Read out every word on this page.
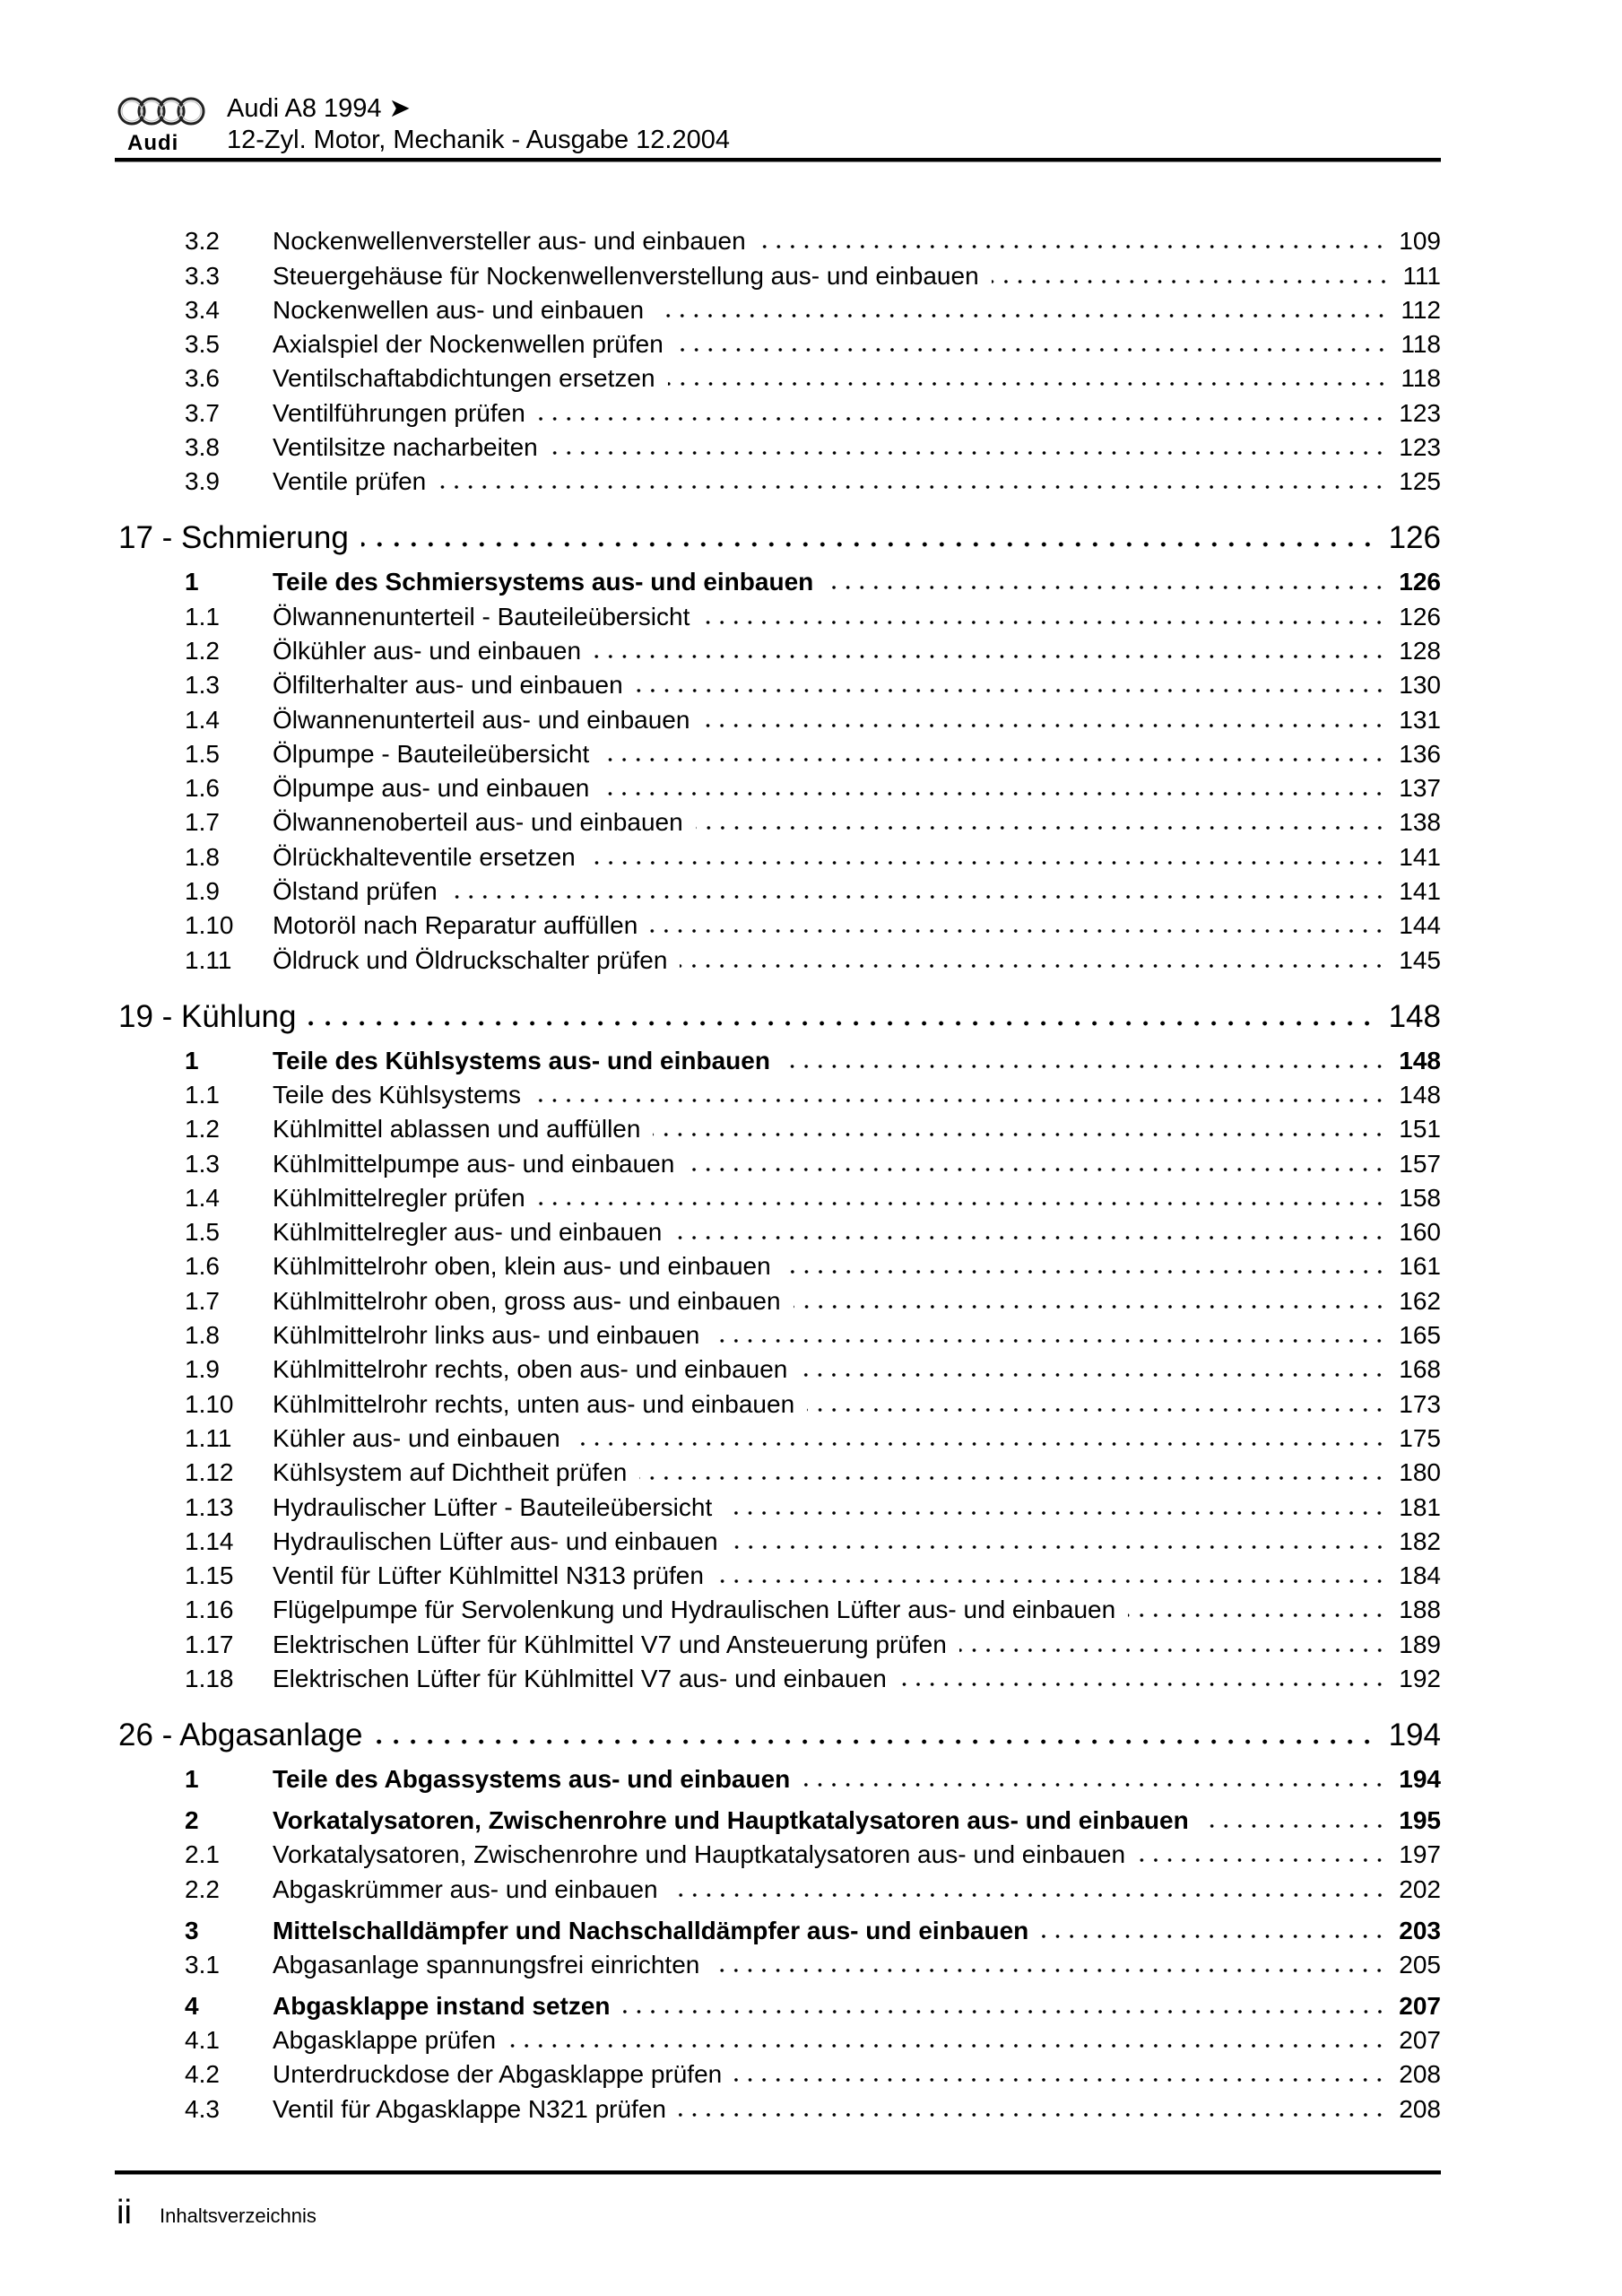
Audi A8 1994 ➤
12-Zyl. Motor, Mechanik - Ausgabe 12.2004
3.2 Nockenwellenversteller aus- und einbauen	109
3.3 Steuergehäuse für Nockenwellenverstellung aus- und einbauen	111
3.4 Nockenwellen aus- und einbauen	112
3.5 Axialspiel der Nockenwellen prüfen	118
3.6 Ventilschaftabdichtungen ersetzen	118
3.7 Ventilführungen prüfen	123
3.8 Ventilsitze nacharbeiten	123
3.9 Ventile prüfen	125
17 - Schmierung	126
1	Teile des Schmiersystems aus- und einbauen	126
1.1 Ölwannenunterteil - Bauteileübersicht	126
1.2 Ölkühler aus- und einbauen	128
1.3 Ölfilterhalter aus- und einbauen	130
1.4 Ölwannenunterteil aus- und einbauen	131
1.5 Ölpumpe - Bauteileübersicht	136
1.6 Ölpumpe aus- und einbauen	137
1.7 Ölwannenoberteil aus- und einbauen	138
1.8 Ölrückhalteventile ersetzen	141
1.9 Ölstand prüfen	141
1.10 Motoröl nach Reparatur auffüllen	144
1.11 Öldruck und Öldruckschalter prüfen	145
19 - Kühlung	148
1	Teile des Kühlsystems aus- und einbauen	148
1.1 Teile des Kühlsystems	148
1.2 Kühlmittel ablassen und auffüllen	151
1.3 Kühlmittelpumpe aus- und einbauen	157
1.4 Kühlmittelregler prüfen	158
1.5 Kühlmittelregler aus- und einbauen	160
1.6 Kühlmittelrohr oben, klein aus- und einbauen	161
1.7 Kühlmittelrohr oben, gross aus- und einbauen	162
1.8 Kühlmittelrohr links aus- und einbauen	165
1.9 Kühlmittelrohr rechts, oben aus- und einbauen	168
1.10 Kühlmittelrohr rechts, unten aus- und einbauen	173
1.11 Kühler aus- und einbauen	175
1.12 Kühlsystem auf Dichtheit prüfen	180
1.13 Hydraulischer Lüfter - Bauteileübersicht	181
1.14 Hydraulischen Lüfter aus- und einbauen	182
1.15 Ventil für Lüfter Kühlmittel N313 prüfen	184
1.16 Flügelpumpe für Servolenkung und Hydraulischen Lüfter aus- und einbauen	188
1.17 Elektrischen Lüfter für Kühlmittel V7 und Ansteuerung prüfen	189
1.18 Elektrischen Lüfter für Kühlmittel V7 aus- und einbauen	192
26 - Abgasanlage	194
1	Teile des Abgassystems aus- und einbauen	194
2	Vorkatalysatoren, Zwischenrohre und Hauptkatalysatoren aus- und einbauen	195
2.1 Vorkatalysatoren, Zwischenrohre und Hauptkatalysatoren aus- und einbauen	197
2.2 Abgaskrümmer aus- und einbauen	202
3	Mittelschalldämpfer und Nachschalldämpfer aus- und einbauen	203
3.1 Abgasanlage spannungsfrei einrichten	205
4	Abgasklappe instand setzen	207
4.1 Abgasklappe prüfen	207
4.2 Unterdruckdose der Abgasklappe prüfen	208
4.3 Ventil für Abgasklappe N321 prüfen	208
ii Inhaltsverzeichnis
Audi
